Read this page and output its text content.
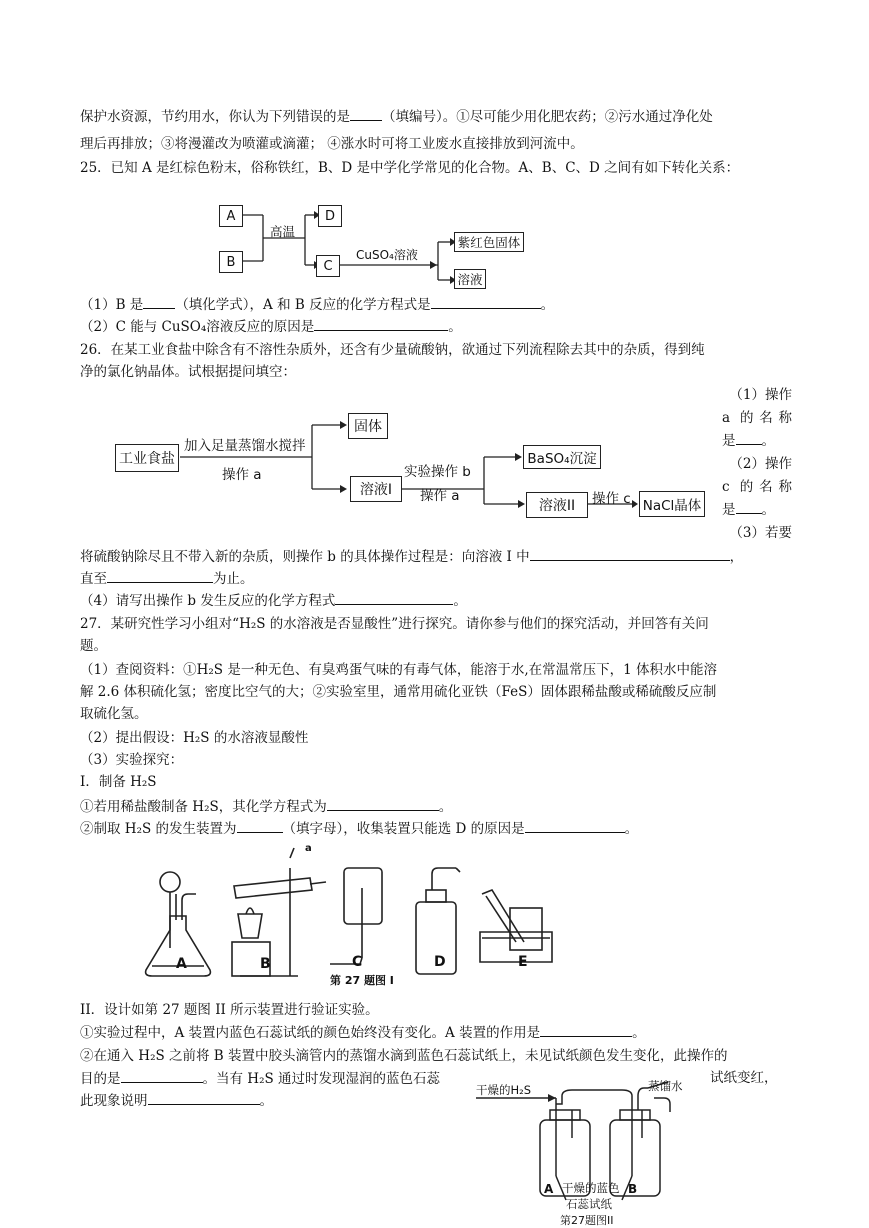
保护水资源，节约用水，你认为下列错误的是 （填编号）。①尽可能少用化肥农药；②污水通过净化处
理后再排放；③将漫灌改为喷灌或滴灌； ④涨水时可将工业废水直接排放到河流中。
25．已知 A 是红棕色粉末，俗称铁红，B、D 是中学化学常见的化合物。A、B、C、D 之间有如下转化关系：
A
B
D
C
高温
CuSO₄溶液
紫红色固体
溶液
（1）B 是 （填化学式），A 和 B 反应的化学方程式是	。
（2）C 能与 CuSO₄溶液反应的原因是	。
26．在某工业食盐中除含有不溶性杂质外，还含有少量硫酸钠，欲通过下列流程除去其中的杂质，得到纯
净的氯化钠晶体。试根据提问填空：
工业食盐
加入足量蒸馏水搅拌
操作 a
固体
溶液I
实验操作 b
操作 a
BaSO₄沉淀
溶液II	操作 c NaCl晶体
（1）操作
a 的名称
是 。
（2）操作
c 的名称
是 。
（3）若要
将硫酸钠除尽且不带入新的杂质，则操作 b 的具体操作过程是：向溶液 I 中	，
直至	为止。
（4）请写出操作 b 发生反应的化学方程式	。
27．某研究性学习小组对“H₂S 的水溶液是否显酸性”进行探究。请你参与他们的探究活动，并回答有关问
题。
（1）查阅资料：①H₂S 是一种无色、有臭鸡蛋气味的有毒气体，能溶于水,在常温常压下，1 体积水中能溶
解 2.6 体积硫化氢；密度比空气的大；②实验室里，通常用硫化亚铁（FeS）固体跟稀盐酸或稀硫酸反应制
取硫化氢。
（2）提出假设：H₂S 的水溶液显酸性
（3）实验探究：
I．制备 H₂S
①若用稀盐酸制备 H₂S，其化学方程式为	。
②制取 H₂S 的发生装置为	（填字母），收集装置只能选 D 的原因是	。
a
A	B	C	D	E
第 27 题图 I
II．设计如第 27 题图 II 所示装置进行验证实验。
①实验过程中，A 装置内蓝色石蕊试纸的颜色始终没有变化。A 装置的作用是	。
②在通入 H₂S 之前将 B 装置中胶头滴管内的蒸馏水滴到蓝色石蕊试纸上，未见试纸颜色发生变化，此操作的
目的是	。当有 H₂S 通过时发现湿润的蓝色石蕊	试纸变红，
此现象说明	。
干燥的H₂S	蒸馏水
A	B
干燥的蓝色
石蕊试纸
第27题图II
